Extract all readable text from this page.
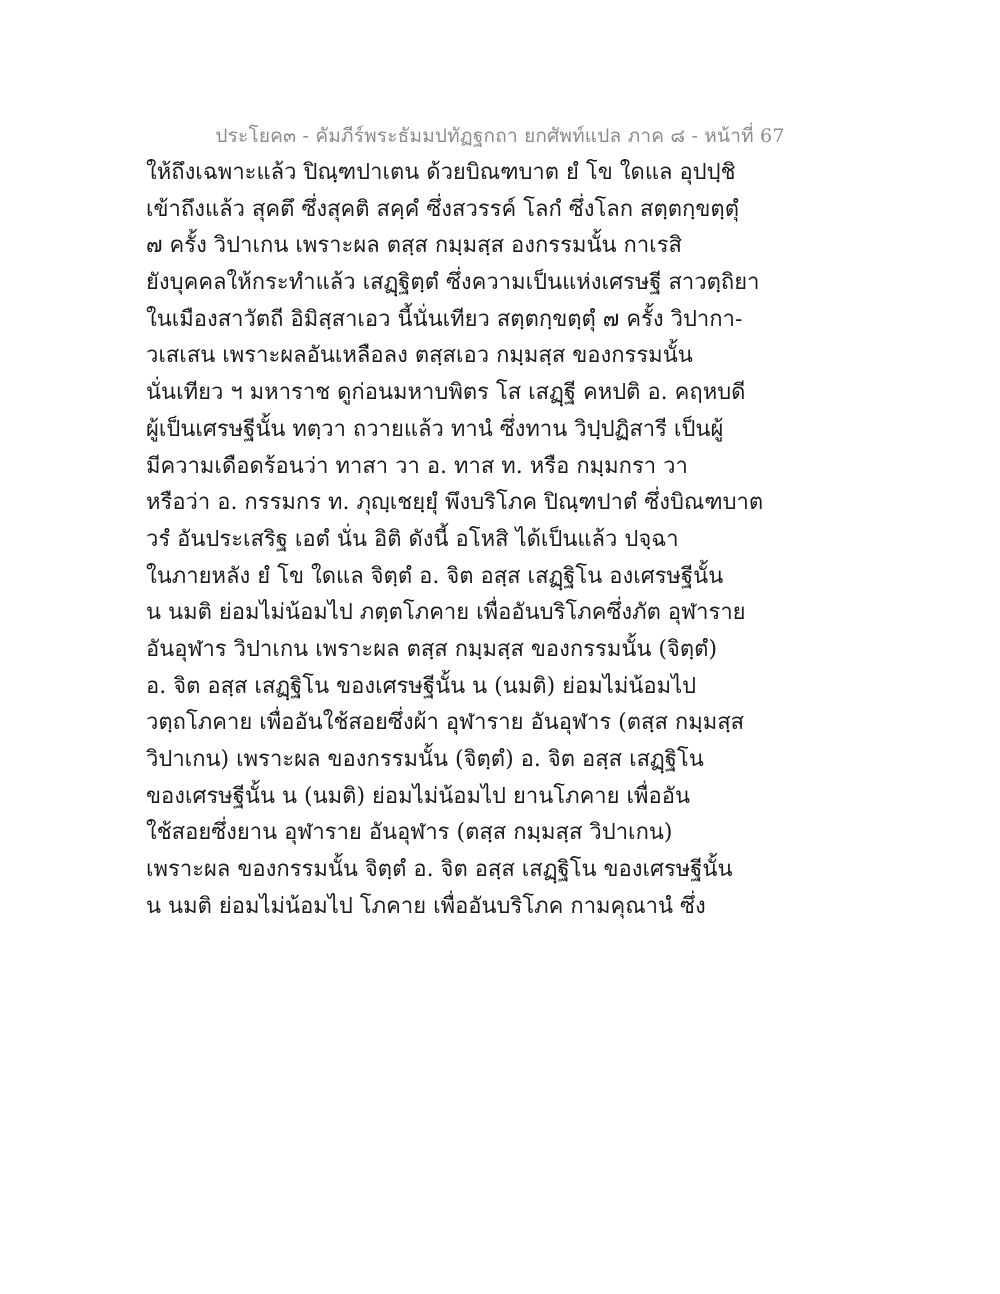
ประโยค๓ - คัมภีร์พระธัมมปทัฏฐกถา ยกศัพท์แปล ภาค ๘ - หน้าที่ 67
ให้ถึงเฉพาะแล้ว ปิณฺฑปาเตน ด้วยบิณฑบาต ยํ โข ใดแล อุปปฺชิ
เข้าถึงแล้ว สุคตึ ซึ่งสุคติ สคฺคํ ซึ่งสวรรค์ โลกํ ซึ่งโลก สตฺตกฺขตฺตุํ
๗ ครั้ง วิปาเกน เพราะผล ตสฺส กมฺมสฺส องกรรมนั้น กาเรสิ
ยังบุคคลให้กระทำแล้ว เสฏฺฐิตฺตํ ซึ่งความเป็นแห่งเศรษฐี สาวตฺถิยา
ในเมืองสาวัตถี อิมิสฺสาเอว นี้นั่นเทียว สตฺตกฺขตฺตุํ ๗ ครั้ง วิปากา-
วเสเสน เพราะผลอันเหลือลง ตสฺสเอว กมฺมสฺส ของกรรมนั้น
นั่นเทียว ฯ มหาราช ดูก่อนมหาบพิตร โส เสฏฺฐี คหปติ อ. คฤหบดี
ผู้เป็นเศรษฐีนั้น ทตฺวา ถวายแล้ว ทานํ ซึ่งทาน วิปฺปฏิสารี เป็นผู้
มีความเดือดร้อนว่า ทาสา วา อ. ทาส ท. หรือ กมฺมกรา วา
หรือว่า อ. กรรมกร ท. ภุญฺเชยฺยุํ พึงบริโภค ปิณฺฑปาตํ ซึ่งบิณฑบาต
วรํ อันประเสริฐ เอตํ นั่น อิติ ดังนี้ อโหสิ ได้เป็นแล้ว ปจฺฉา
ในภายหลัง ยํ โข ใดแล จิตฺตํ อ. จิต อสฺส เสฏฺฐิโน องเศรษฐีนั้น
น นมติ ย่อมไม่น้อมไป ภตฺตโภคาย เพื่ออันบริโภคซึ่งภัต อุฬาราย
อันอุฬาร วิปาเกน เพราะผล ตสฺส กมฺมสฺส ของกรรมนั้น (จิตฺตํ)
อ. จิต อสฺส เสฏฺฐิโน ของเศรษฐีนั้น น (นมติ) ย่อมไม่น้อมไป
วตฺถโภคาย เพื่ออันใช้สอยซึ่งผ้า อุฬาราย อันอุฬาร (ตสฺส กมฺมสฺส
วิปาเกน) เพราะผล ของกรรมนั้น (จิตฺตํ) อ. จิต อสฺส เสฏฺฐิโน
ของเศรษฐีนั้น น (นมติ) ย่อมไม่น้อมไป ยานโภคาย เพื่ออัน
ใช้สอยซึ่งยาน อุฬาราย อันอุฬาร (ตสฺส กมฺมสฺส วิปาเกน)
เพราะผล ของกรรมนั้น จิตฺตํ อ. จิต อสฺส เสฏฺฐิโน ของเศรษฐีนั้น
น นมติ ย่อมไม่น้อมไป โภคาย เพื่ออันบริโภค กามคุณานํ ซึ่ง
